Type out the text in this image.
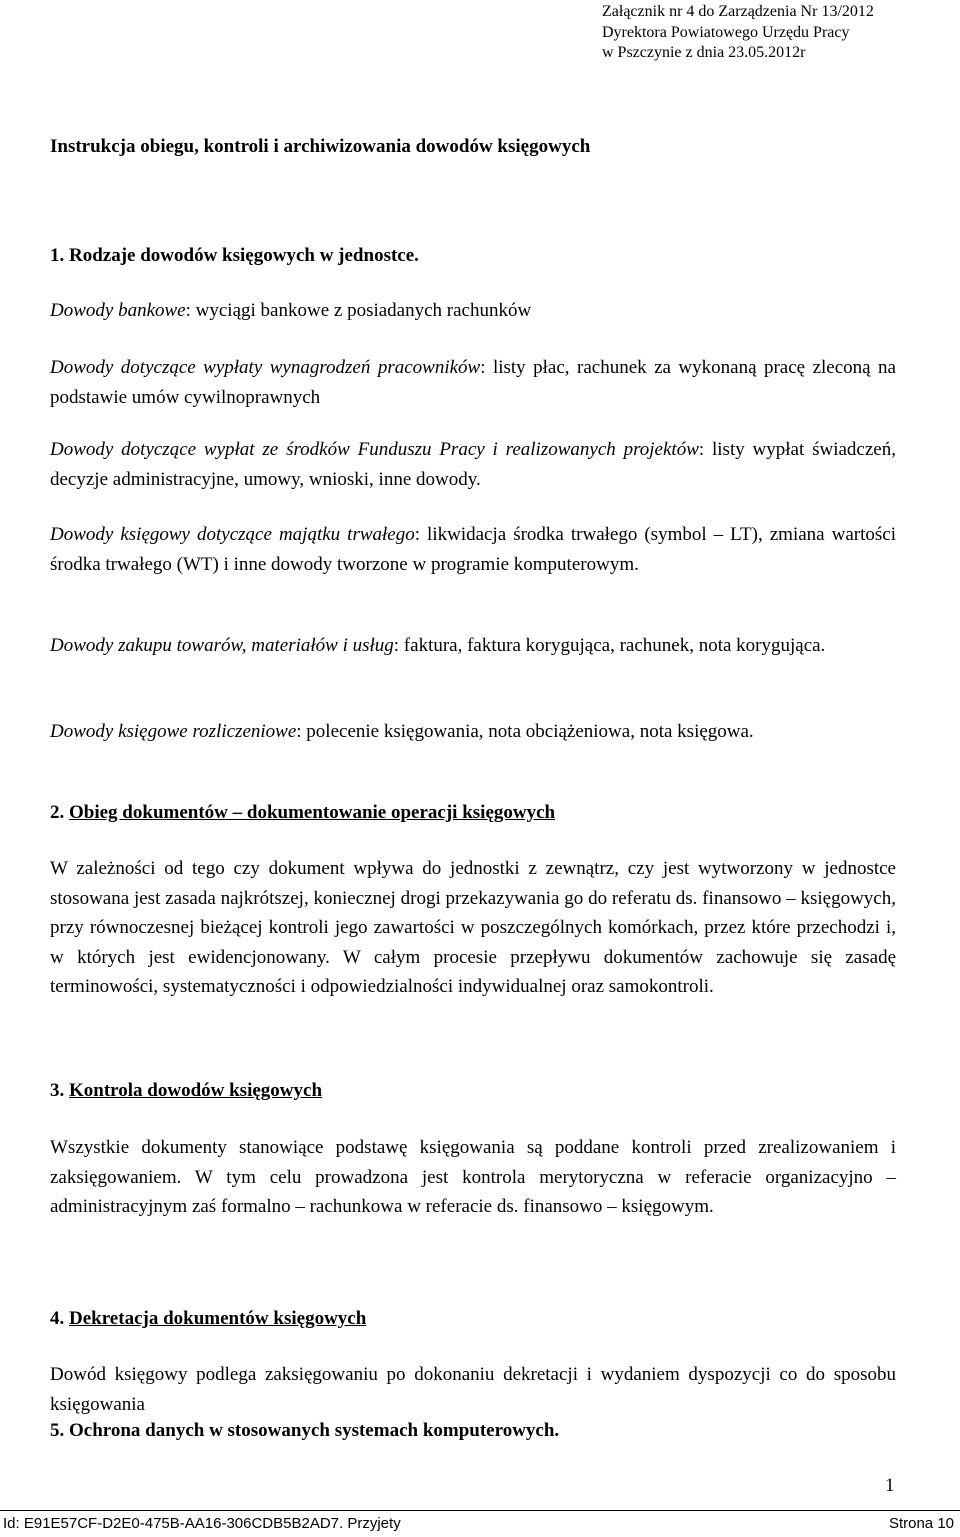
Załącznik nr 4 do Zarządzenia Nr 13/2012
Dyrektora Powiatowego Urzędu Pracy
w Pszczynie z dnia 23.05.2012r
Instrukcja obiegu, kontroli i archiwizowania dowodów księgowych
1. Rodzaje dowodów księgowych w jednostce.
Dowody bankowe: wyciągi bankowe z posiadanych rachunków
Dowody dotyczące wypłaty wynagrodzeń pracowników: listy płac, rachunek za wykonaną pracę zleconą na podstawie umów cywilnoprawnych
Dowody dotyczące wypłat ze środków Funduszu Pracy i realizowanych projektów: listy wypłat świadczeń, decyzje administracyjne, umowy, wnioski, inne dowody.
Dowody księgowy dotyczące majątku trwałego: likwidacja środka trwałego (symbol – LT), zmiana wartości środka trwałego (WT) i inne dowody tworzone w programie komputerowym.
Dowody zakupu towarów, materiałów i usług: faktura, faktura korygująca, rachunek, nota korygująca.
Dowody księgowe rozliczeniowe: polecenie księgowania, nota obciążeniowa, nota księgowa.
2. Obieg dokumentów – dokumentowanie operacji księgowych
W zależności od tego czy dokument wpływa do jednostki z zewnątrz, czy jest wytworzony w jednostce stosowana jest zasada najkrótszej, koniecznej drogi przekazywania go do referatu ds. finansowo – księgowych, przy równoczesnej bieżącej kontroli jego zawartości w poszczególnych komórkach, przez które przechodzi i, w których jest ewidencjonowany. W całym procesie przepływu dokumentów zachowuje się zasadę terminowości, systematyczności i odpowiedzialności indywidualnej oraz samokontroli.
3. Kontrola dowodów księgowych
Wszystkie dokumenty stanowiące podstawę księgowania są poddane kontroli przed zrealizowaniem i zaksięgowaniem. W tym celu prowadzona jest kontrola merytoryczna w referacie organizacyjno – administracyjnym zaś formalno – rachunkowa w referacie ds. finansowo – księgowym.
4. Dekretacja dokumentów księgowych
Dowód księgowy podlega zaksięgowaniu po dokonaniu dekretacji i wydaniem dyspozycji co do sposobu księgowania
5. Ochrona danych w stosowanych systemach komputerowych.
1
Id: E91E57CF-D2E0-475B-AA16-306CDB5B2AD7. Przyjety	Strona 10
